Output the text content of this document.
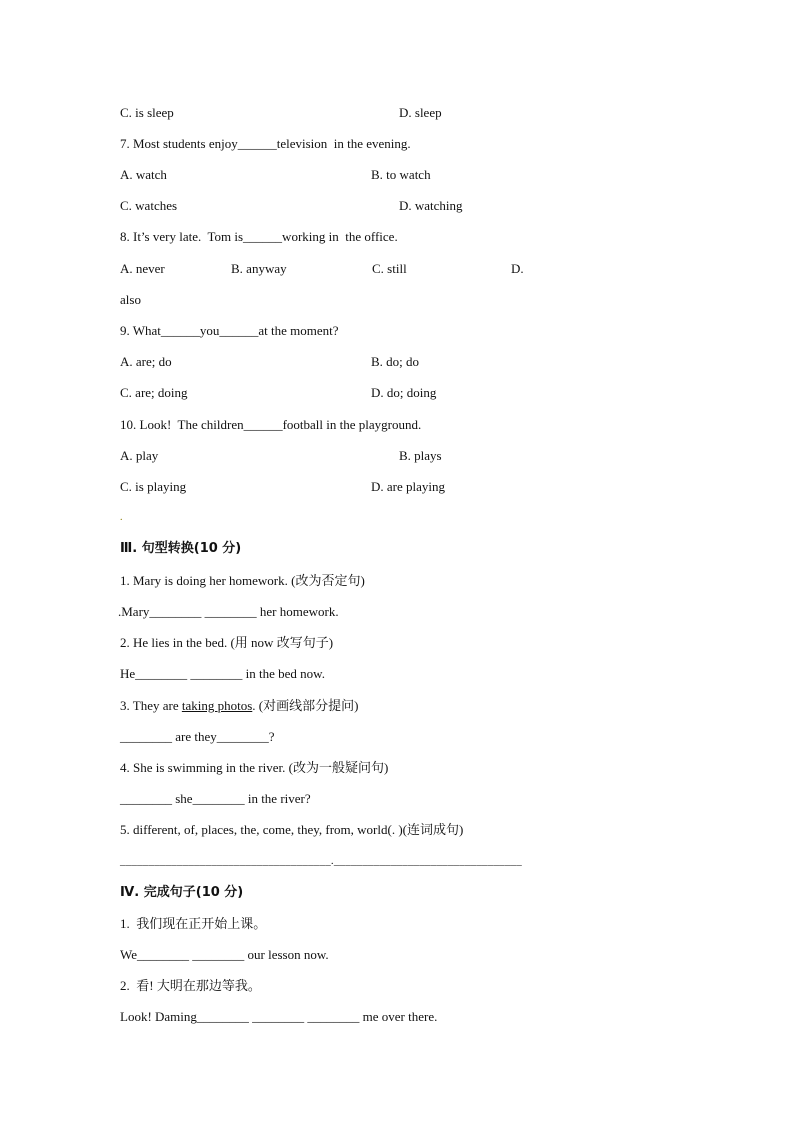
C. is sleep	D. sleep
7. Most students enjoy______television  in the evening.
A. watch	B. to watch
C. watches	D. watching
8. It’s very late.  Tom is______working in  the office.
A. never	B. anyway	C. still	D.
also
9. What______you______at the moment?
A. are; do	B. do; do
C. are; doing	D. do; doing
10. Look!  The children______football in the playground.
A. play	B. plays
C. is playing	D. are playing
.
Ⅲ. 句型转换(10 分)
1. Mary is doing her homework. (改为否定句)
.Mary________ ________ her homework.
2. He lies in the bed. (用 now 改写句子)
He________ ________ in the bed now.
3. They are taking photos. (对画线部分提问)
________ are they________?
4. She is swimming in the river. (改为一般疑问句)
________ she________ in the river?
5. different, of, places, the, come, they, from, world(. )(连词成句)
_____________________________________._________________________________
Ⅳ. 完成句子(10 分)
1.  我们现在正开始上课。
We________ ________ our lesson now.
2.  看! 大明在那边等我。
Look! Daming________ ________ ________ me over there.
